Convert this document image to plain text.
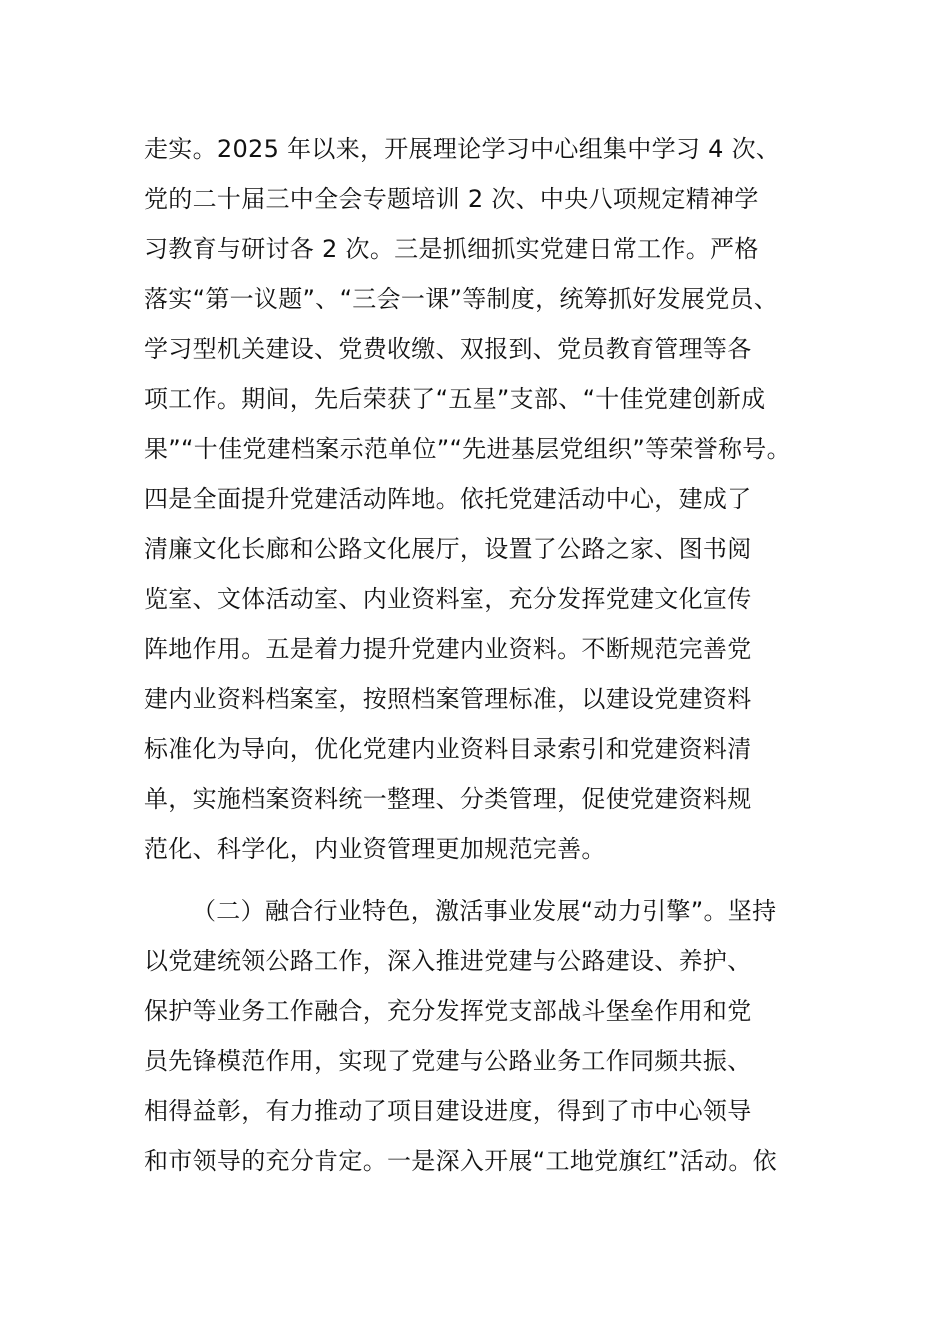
走实。2025 年以来，开展理论学习中心组集中学习 4 次、
党的二十届三中全会专题培训 2 次、中央八项规定精神学
习教育与研讨各 2 次。三是抓细抓实党建日常工作。严格
落实“第一议题”、“三会一课”等制度，统筹抓好发展党员、
学习型机关建设、党费收缴、双报到、党员教育管理等各
项工作。期间，先后荣获了“五星”支部、“十佳党建创新成
果”“十佳党建档案示范单位”“先进基层党组织”等荣誉称号。
四是全面提升党建活动阵地。依托党建活动中心，建成了
清廉文化长廊和公路文化展厅，设置了公路之家、图书阅
览室、文体活动室、内业资料室，充分发挥党建文化宣传
阵地作用。五是着力提升党建内业资料。不断规范完善党
建内业资料档案室，按照档案管理标准，以建设党建资料
标准化为导向，优化党建内业资料目录索引和党建资料清
单，实施档案资料统一整理、分类管理，促使党建资料规
范化、科学化，内业资管理更加规范完善。
（二）融合行业特色，激活事业发展“动力引擎”。坚持
以党建统领公路工作，深入推进党建与公路建设、养护、
保护等业务工作融合，充分发挥党支部战斗堡垒作用和党
员先锋模范作用，实现了党建与公路业务工作同频共振、
相得益彰，有力推动了项目建设进度，得到了市中心领导
和市领导的充分肯定。一是深入开展“工地党旗红”活动。依
